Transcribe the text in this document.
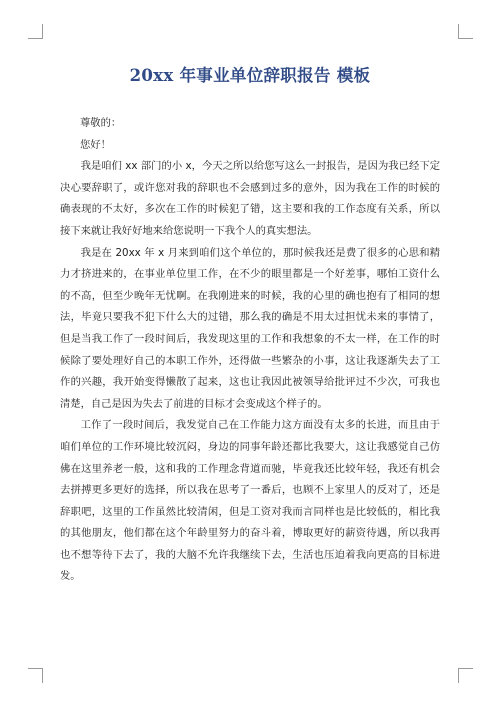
20xx 年事业单位辞职报告 模板

尊敬的：

您好！

我是咱们 xx 部门的小 x，今天之所以给您写这么一封报告，是因为我已经下定决心要辞职了，或许您对我的辞职也不会感到过多的意外，因为我在工作的时候的确表现的不太好，多次在工作的时候犯了错，这主要和我的工作态度有关系，所以接下来就让我好好地来给您说明一下我个人的真实想法。

我是在 20xx 年 x 月来到咱们这个单位的，那时候我还是费了很多的心思和精力才挤进来的，在事业单位里工作，在不少的眼里都是一个好差事，哪怕工资什么的不高，但至少晚年无忧啊。在我刚进来的时候，我的心里的确也抱有了相同的想法，毕竟只要我不犯下什么大的过错，那么我的确是不用太过担忧未来的事情了，但是当我工作了一段时间后，我发现这里的工作和我想象的不太一样，在工作的时候除了要处理好自己的本职工作外，还得做一些繁杂的小事，这让我逐渐失去了工作的兴趣，我开始变得懒散了起来，这也让我因此被领导给批评过不少次，可我也清楚，自己是因为失去了前进的目标才会变成这个样子的。

工作了一段时间后，我发觉自己在工作能力这方面没有太多的长进，而且由于咱们单位的工作环境比较沉闷，身边的同事年龄还都比我要大，这让我感觉自己仿佛在这里养老一般，这和我的工作理念背道而驰，毕竟我还比较年轻，我还有机会去拼搏更多更好的选择，所以我在思考了一番后，也顾不上家里人的反对了，还是辞职吧，这里的工作虽然比较清闲，但是工资对我而言同样也是比较低的，相比我的其他朋友，他们都在这个年龄里努力的奋斗着，博取更好的薪资待遇，所以我再也不想等待下去了，我的大脑不允许我继续下去，生活也压迫着我向更高的目标进发。
